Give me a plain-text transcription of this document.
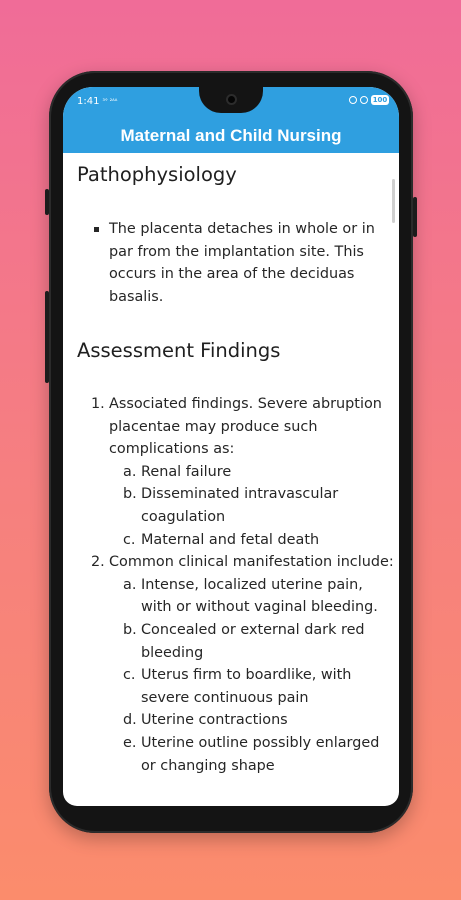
1:41 ³° ²ᴬᴬ	100
Maternal and Child Nursing
Pathophysiology
The placenta detaches in whole or in par from the implantation site. This occurs in the area of the deciduas basalis.
Assessment Findings
1. Associated findings. Severe abruption placentae may produce such complications as:
a. Renal failure
b. Disseminated intravascular coagulation
c. Maternal and fetal death
2. Common clinical manifestation include:
a. Intense, localized uterine pain, with or without vaginal bleeding.
b. Concealed or external dark red bleeding
c. Uterus firm to boardlike, with severe continuous pain
d. Uterine contractions
e. Uterine outline possibly enlarged or changing shape
